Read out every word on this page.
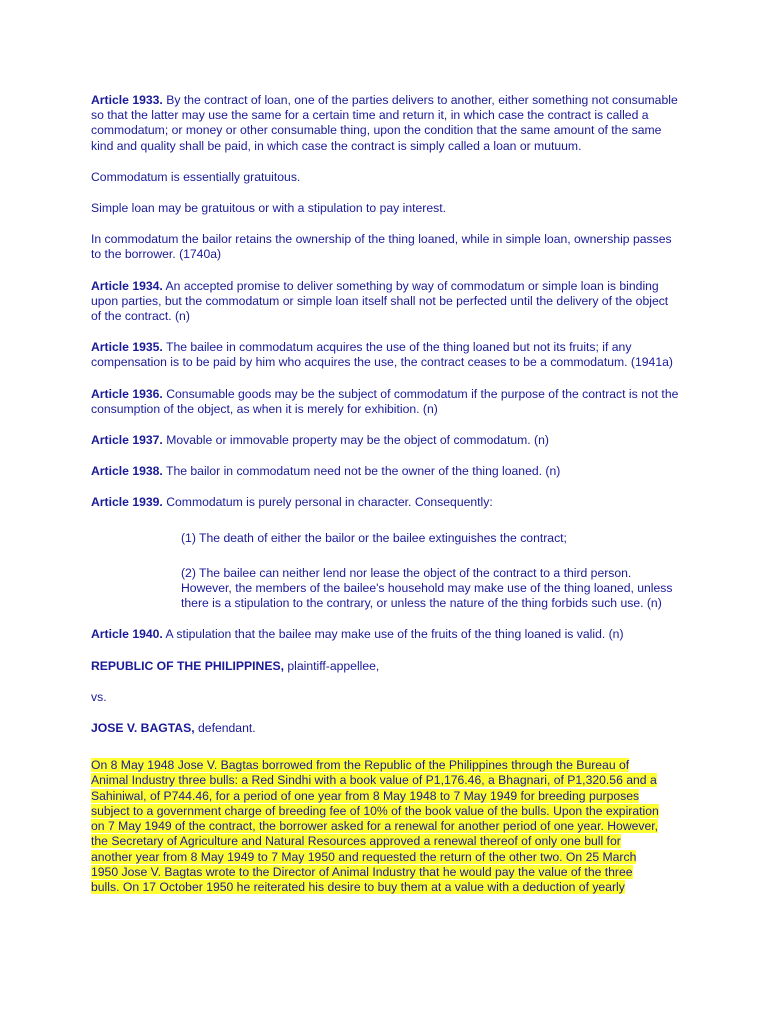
Article 1933. By the contract of loan, one of the parties delivers to another, either something not consumable so that the latter may use the same for a certain time and return it, in which case the contract is called a commodatum; or money or other consumable thing, upon the condition that the same amount of the same kind and quality shall be paid, in which case the contract is simply called a loan or mutuum.

Commodatum is essentially gratuitous.

Simple loan may be gratuitous or with a stipulation to pay interest.

In commodatum the bailor retains the ownership of the thing loaned, while in simple loan, ownership passes to the borrower. (1740a)

Article 1934. An accepted promise to deliver something by way of commodatum or simple loan is binding upon parties, but the commodatum or simple loan itself shall not be perfected until the delivery of the object of the contract. (n)

Article 1935. The bailee in commodatum acquires the use of the thing loaned but not its fruits; if any compensation is to be paid by him who acquires the use, the contract ceases to be a commodatum. (1941a)

Article 1936. Consumable goods may be the subject of commodatum if the purpose of the contract is not the consumption of the object, as when it is merely for exhibition. (n)

Article 1937. Movable or immovable property may be the object of commodatum. (n)

Article 1938. The bailor in commodatum need not be the owner of the thing loaned. (n)

Article 1939. Commodatum is purely personal in character. Consequently:

(1) The death of either the bailor or the bailee extinguishes the contract;

(2) The bailee can neither lend nor lease the object of the contract to a third person. However, the members of the bailee's household may make use of the thing loaned, unless there is a stipulation to the contrary, or unless the nature of the thing forbids such use. (n)

Article 1940. A stipulation that the bailee may make use of the fruits of the thing loaned is valid. (n)

REPUBLIC OF THE PHILIPPINES, plaintiff-appellee,

vs.

JOSE V. BAGTAS, defendant.

On 8 May 1948 Jose V. Bagtas borrowed from the Republic of the Philippines through the Bureau of
Animal Industry three bulls: a Red Sindhi with a book value of P1,176.46, a Bhagnari, of P1,320.56 and a
Sahiniwal, of P744.46, for a period of one year from 8 May 1948 to 7 May 1949 for breeding purposes
subject to a government charge of breeding fee of 10% of the book value of the bulls. Upon the expiration
on 7 May 1949 of the contract, the borrower asked for a renewal for another period of one year. However,
the Secretary of Agriculture and Natural Resources approved a renewal thereof of only one bull for
another year from 8 May 1949 to 7 May 1950 and requested the return of the other two. On 25 March
1950 Jose V. Bagtas wrote to the Director of Animal Industry that he would pay the value of the three
bulls. On 17 October 1950 he reiterated his desire to buy them at a value with a deduction of yearly
